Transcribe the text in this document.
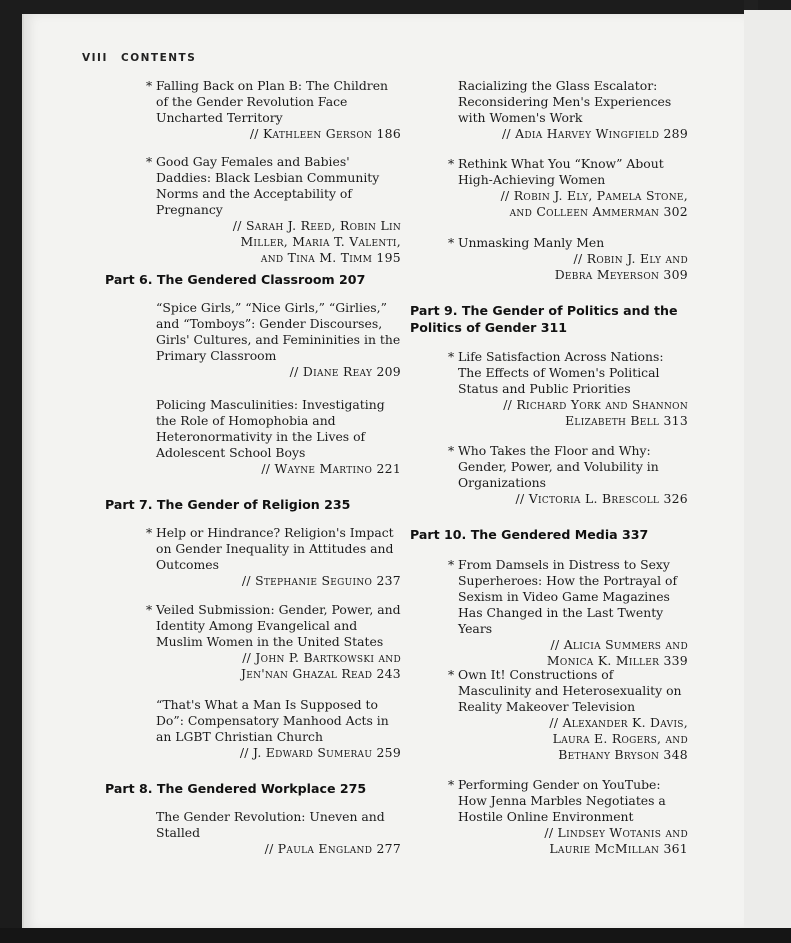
VIII CONTENTS
* Falling Back on Plan B: The Children of the Gender Revolution Face Uncharted Territory
// Kathleen Gerson 186
* Good Gay Females and Babies' Daddies: Black Lesbian Community Norms and the Acceptability of Pregnancy
// Sarah J. Reed, Robin Lin
Miller, Maria T. Valenti,
and Tina M. Timm 195
Part 6. The Gendered Classroom 207
“Spice Girls,” “Nice Girls,” “Girlies,” and “Tomboys”: Gender Discourses, Girls' Cultures, and Femininities in the Primary Classroom
// Diane Reay 209
Policing Masculinities: Investigating the Role of Homophobia and Heteronormativity in the Lives of Adolescent School Boys
// Wayne Martino 221
Part 7. The Gender of Religion 235
* Help or Hindrance? Religion's Impact on Gender Inequality in Attitudes and Outcomes
// Stephanie Seguino 237
* Veiled Submission: Gender, Power, and Identity Among Evangelical and Muslim Women in the United States
// John P. Bartkowski and
Jen'nan Ghazal Read 243
“That's What a Man Is Supposed to Do”: Compensatory Manhood Acts in an LGBT Christian Church
// J. Edward Sumerau 259
Part 8. The Gendered Workplace 275
The Gender Revolution: Uneven and Stalled
// Paula England 277
Racializing the Glass Escalator: Reconsidering Men's Experiences with Women's Work
// Adia Harvey Wingfield 289
* Rethink What You “Know” About High-Achieving Women
// Robin J. Ely, Pamela Stone,
and Colleen Ammerman 302
* Unmasking Manly Men
// Robin J. Ely and
Debra Meyerson 309
Part 9. The Gender of Politics and the Politics of Gender 311
* Life Satisfaction Across Nations: The Effects of Women's Political Status and Public Priorities
// Richard York and Shannon
Elizabeth Bell 313
* Who Takes the Floor and Why: Gender, Power, and Volubility in Organizations
// Victoria L. Brescoll 326
Part 10. The Gendered Media 337
* From Damsels in Distress to Sexy Superheroes: How the Portrayal of Sexism in Video Game Magazines Has Changed in the Last Twenty Years
// Alicia Summers and
Monica K. Miller 339
* Own It! Constructions of Masculinity and Heterosexuality on Reality Makeover Television
// Alexander K. Davis,
Laura E. Rogers, and
Bethany Bryson 348
* Performing Gender on YouTube: How Jenna Marbles Negotiates a Hostile Online Environment
// Lindsey Wotanis and
Laurie McMillan 361
